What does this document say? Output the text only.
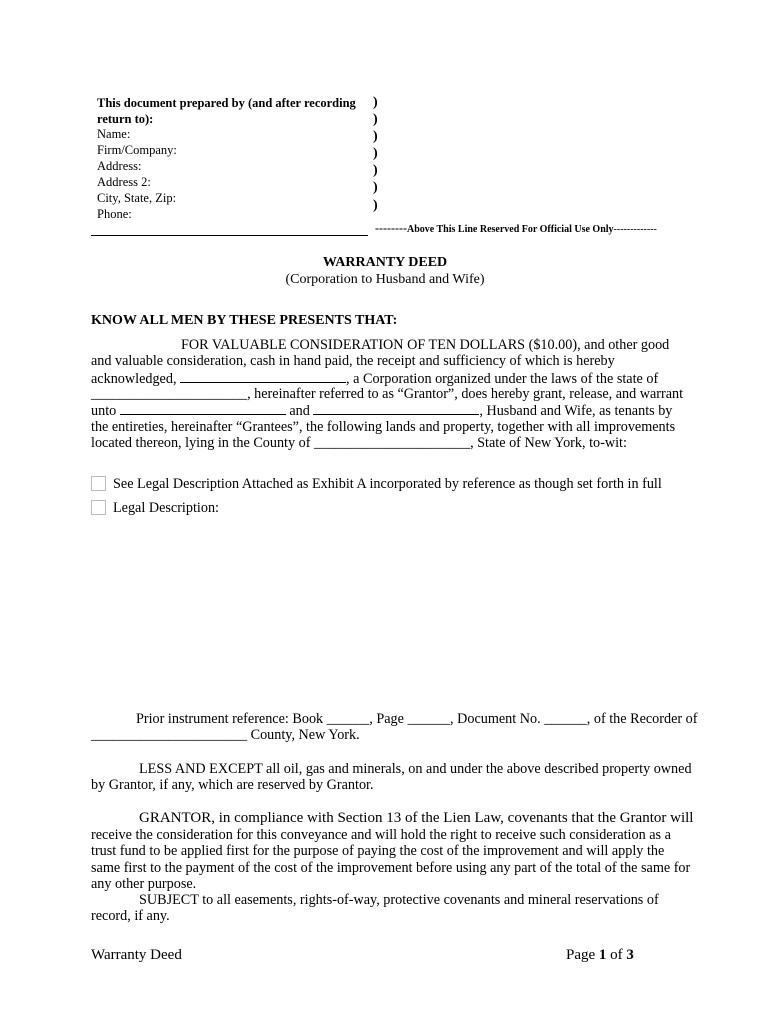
This document prepared by (and after recording
return to):
Name:
Firm/Company:
Address:
Address 2:
City, State, Zip:
Phone:
)
)
)
)
)
)
)
--------Above This Line Reserved For Official Use Only-------------
WARRANTY DEED
(Corporation to Husband and Wife)
KNOW ALL MEN BY THESE PRESENTS THAT:
FOR VALUABLE CONSIDERATION OF TEN DOLLARS ($10.00), and other good
and valuable consideration, cash in hand paid, the receipt and sufficiency of which is hereby
acknowledged,	, a Corporation organized under the laws of the state of
______________________, hereinafter referred to as “Grantor”, does hereby grant, release, and warrant
unto	and	, Husband and Wife, as tenants by
the entireties, hereinafter “Grantees”, the following lands and property, together with all improvements
located thereon, lying in the County of ______________________, State of New York, to-wit:
See Legal Description Attached as Exhibit A incorporated by reference as though set forth in full
Legal Description:
Prior instrument reference: Book ______, Page ______, Document No. ______, of the Recorder of
______________________ County, New York.
LESS AND EXCEPT all oil, gas and minerals, on and under the above described property owned
by Grantor, if any, which are reserved by Grantor.
GRANTOR, in compliance with Section 13 of the Lien Law, covenants that the Grantor will
receive the consideration for this conveyance and will hold the right to receive such consideration as a
trust fund to be applied first for the purpose of paying the cost of the improvement and will apply the
same first to the payment of the cost of the improvement before using any part of the total of the same for
any other purpose.
SUBJECT to all easements, rights-of-way, protective covenants and mineral reservations of
record, if any.
Warranty Deed	Page 1 of 3
